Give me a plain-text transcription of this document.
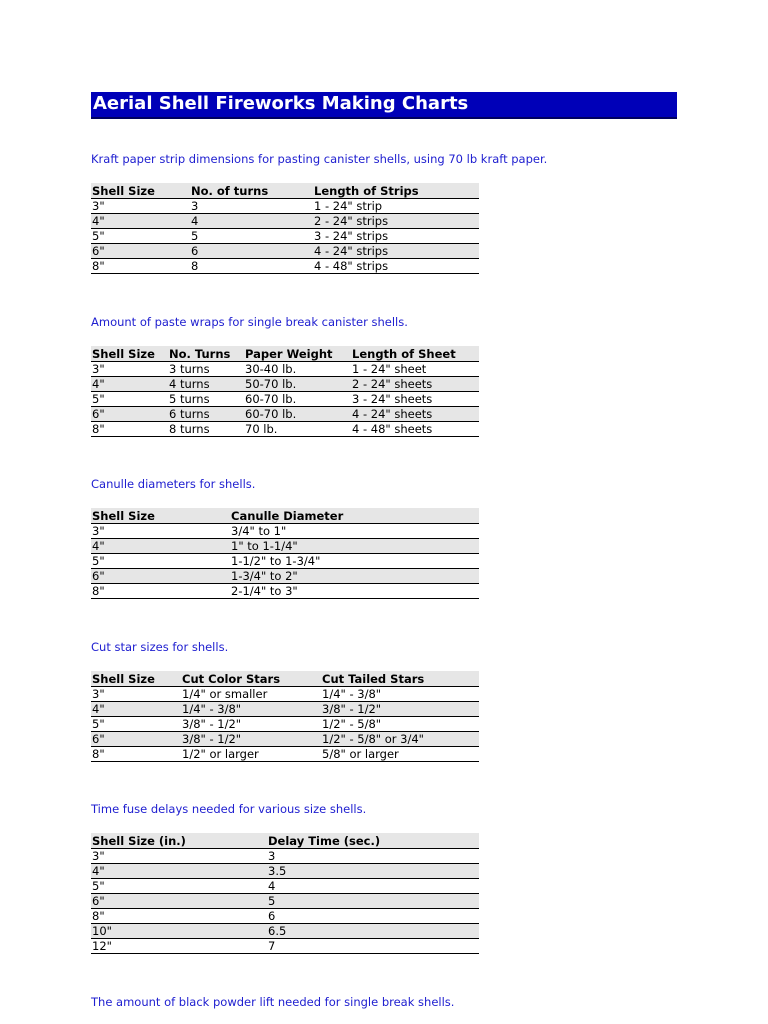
Aerial Shell Fireworks Making Charts
Kraft paper strip dimensions for pasting canister shells, using 70 lb kraft paper.
Shell Size	No. of turns	Length of Strips
3"	3	1 - 24" strip
4"	4	2 - 24" strips
5"	5	3 - 24" strips
6"	6	4 - 24" strips
8"	8	4 - 48" strips
Amount of paste wraps for single break canister shells.
Shell Size	No. Turns	Paper Weight	Length of Sheet
3"	3 turns	30-40 lb.	1 - 24" sheet
4"	4 turns	50-70 lb.	2 - 24" sheets
5"	5 turns	60-70 lb.	3 - 24" sheets
6"	6 turns	60-70 lb.	4 - 24" sheets
8"	8 turns	70 lb.	4 - 48" sheets
Canulle diameters for shells.
Shell Size	Canulle Diameter
3"	3/4" to 1"
4"	1" to 1-1/4"
5"	1-1/2" to 1-3/4"
6"	1-3/4" to 2"
8"	2-1/4" to 3"
Cut star sizes for shells.
Shell Size	Cut Color Stars	Cut Tailed Stars
3"	1/4" or smaller	1/4" - 3/8"
4"	1/4" - 3/8"	3/8" - 1/2"
5"	3/8" - 1/2"	1/2" - 5/8"
6"	3/8" - 1/2"	1/2" - 5/8" or 3/4"
8"	1/2" or larger	5/8" or larger
Time fuse delays needed for various size shells.
Shell Size (in.)	Delay Time (sec.)
3"	3
4"	3.5
5"	4
6"	5
8"	6
10"	6.5
12"	7
The amount of black powder lift needed for single break shells.
